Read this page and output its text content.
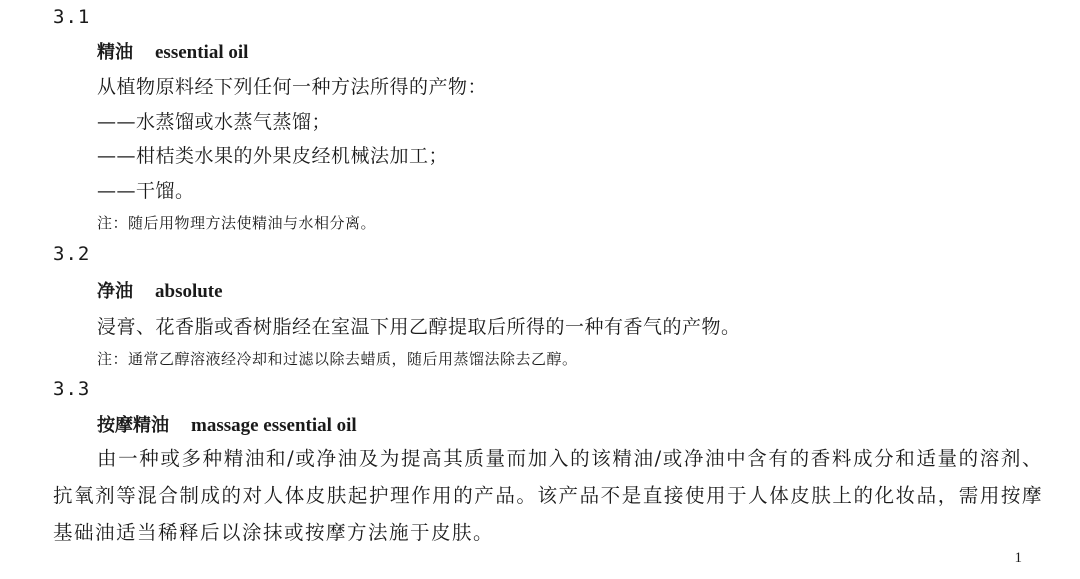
3.1
精油 essential oil
从植物原料经下列任何一种方法所得的产物：
——水蒸馏或水蒸气蒸馏；
——柑桔类水果的外果皮经机械法加工；
——干馏。
注：随后用物理方法使精油与水相分离。
3.2
净油 absolute
浸膏、花香脂或香树脂经在室温下用乙醇提取后所得的一种有香气的产物。
注：通常乙醇溶液经冷却和过滤以除去蜡质，随后用蒸馏法除去乙醇。
3.3
按摩精油 massage essential oil
由一种或多种精油和/或净油及为提高其质量而加入的该精油/或净油中含有的香料成分和适量的溶剂、抗氧剂等混合制成的对人体皮肤起护理作用的产品。该产品不是直接使用于人体皮肤上的化妆品，需用按摩基础油适当稀释后以涂抹或按摩方法施于皮肤。
1
